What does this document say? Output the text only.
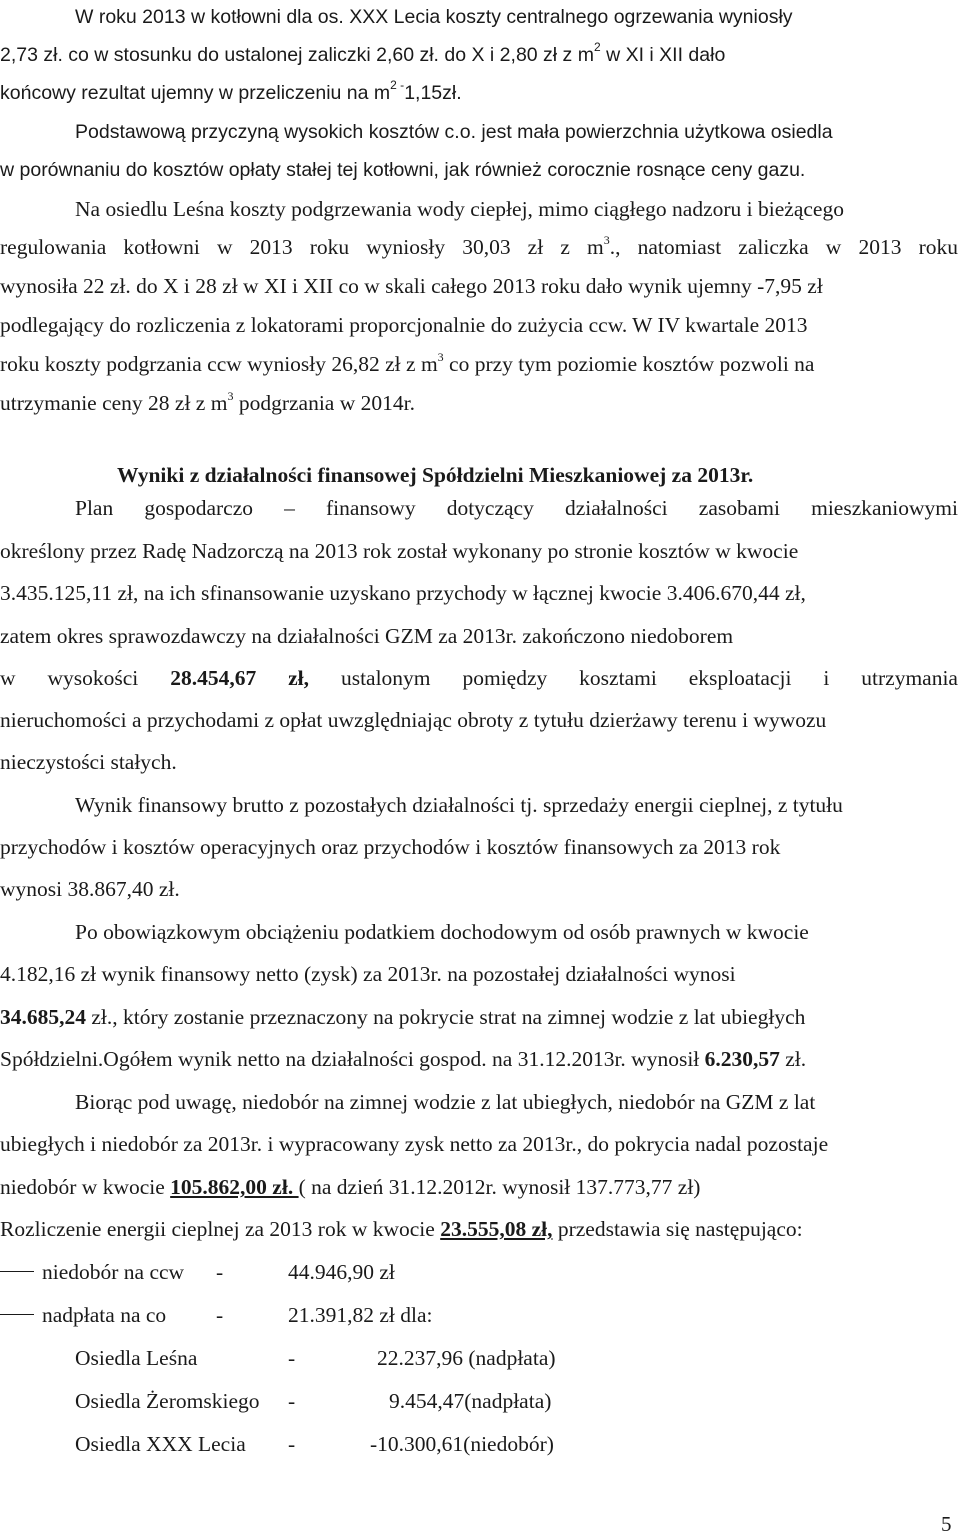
W roku 2013 w kotłowni dla os. XXX Lecia koszty centralnego ogrzewania wyniosły
2,73 zł. co w stosunku do ustalonej zaliczki 2,60 zł. do X i 2,80 zł z $m^2$ w XI i XII dało
końcowy rezultat ujemny w przeliczeniu na $m^{2 -}1,15zł$.
Podstawową przyczyną wysokich kosztów c.o. jest mała powierzchnia użytkowa osiedla
w porównaniu do kosztów opłaty stałej tej kotłowni, jak również corocznie rosnące ceny gazu.
Na osiedlu Leśna koszty podgrzewania wody ciepłej, mimo ciągłego nadzoru i bieżącego
regulowania kotłowni w 2013 roku wyniosły 30,03 zł z $m^3$., natomiast zaliczka w 2013 roku
wynosiła 22 zł. do X i 28 zł w XI i XII co w skali całego 2013 roku dało wynik ujemny -7,95 zł
podlegający do rozliczenia z lokatorami proporcjonalnie do zużycia ccw. W IV kwartale 2013
roku koszty podgrzania ccw wyniosły 26,82 zł z $m^3$ co przy tym poziomie kosztów pozwoli na
utrzymanie ceny 28 zł z $m^3$ podgrzania w 2014r.
Wyniki z działalności finansowej Spółdzielni Mieszkaniowej za 2013r.
Plan gospodarczo – finansowy dotyczący działalności zasobami mieszkaniowymi
określony przez Radę Nadzorczą na 2013 rok został wykonany po stronie kosztów w kwocie
3.435.125,11 zł, na ich sfinansowanie uzyskano przychody w łącznej kwocie 3.406.670,44 zł,
zatem okres sprawozdawczy na działalności GZM za 2013r. zakończono niedoborem
w wysokości 28.454,67 zł, ustalonym pomiędzy kosztami eksploatacji i utrzymania
nieruchomości a przychodami z opłat uwzględniając obroty z tytułu dzierżawy terenu i wywozu
nieczystości stałych.
Wynik finansowy brutto z pozostałych działalności tj. sprzedaży energii cieplnej, z tytułu
przychodów i kosztów operacyjnych oraz przychodów i kosztów finansowych za 2013 rok
wynosi 38.867,40 zł.
Po obowiązkowym obciążeniu podatkiem dochodowym od osób prawnych w kwocie
4.182,16 zł wynik finansowy netto (zysk) za 2013r. na pozostałej działalności wynosi
34.685,24 zł., który zostanie przeznaczony na pokrycie strat na zimnej wodzie z lat ubiegłych
Spółdzielni.Ogółem wynik netto na działalności gospod. na 31.12.2013r. wynosił 6.230,57 zł.
Biorąc pod uwagę, niedobór na zimnej wodzie z lat ubiegłych, niedobór na GZM z lat
ubiegłych i niedobór za 2013r. i wypracowany zysk netto za 2013r., do pokrycia nadal pozostaje
niedobór w kwocie 105.862,00 zł. ( na dzień 31.12.2012r. wynosił 137.773,77 zł)
Rozliczenie energii cieplnej za 2013 rok w kwocie 23.555,08 zł, przedstawia się następująco:
niedobór na ccw -	44.946,90 zł
nadpłata na co -	21.391,82 zł dla:
Osiedla Leśna	-	22.237,96 (nadpłata)
Osiedla Żeromskiego -	9.454,47(nadpłata)
Osiedla XXX Lecia -	-10.300,61(niedobór)
5
